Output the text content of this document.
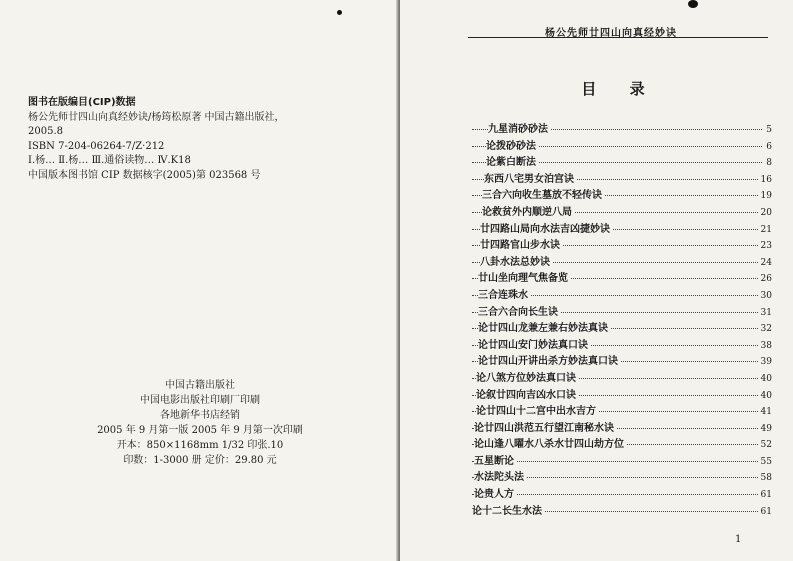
图书在版编目(CIP)数据
杨公先师廿四山向真经妙诀/杨筠松原著 中国古籍出版社，
2005.8
ISBN 7-204-06264-7/Z·212
Ⅰ.杨… Ⅱ.杨… Ⅲ.通俗读物… Ⅳ.K18
中国版本图书馆 CIP 数据核字(2005)第 023568 号
中国古籍出版社
中国电影出版社印刷厂印刷
各地新华书店经销
2005 年 9 月第一版 2005 年 9 月第一次印刷
开本：850×1168mm 1/32 印张.10
印数：1-3000 册 定价：29.80 元
杨公先师廿四山向真经妙诀
目 录
九星消砂砂法	5
论拨砂砂法	6
论紫白断法	8
东西八宅男女泊宫诀	16
三合六向收生墓放不轻传诀	19
论救贫外内顺逆八局	20
廿四路山局向水法吉凶捷妙诀	21
廿四路官山步水诀	23
八卦水法总妙诀	24
廿山坐向理气焦备览	26
三合连珠水	30
三合六合向长生诀	31
论廿四山龙兼左兼右妙法真诀	32
论廿四山安门妙法真口诀	38
论廿四山开讲出杀方妙法真口诀	39
论八煞方位妙法真口诀	40
论叙廿四向吉凶水口诀	40
论廿四山十二宫中出水吉方	41
论廿四山洪范五行望江南秘水诀	49
论山逢八曜水八杀水廿四山劫方位	52
五星断论	55
水法陀头法	58
论贵人方	61
论十二长生水法	61
1
